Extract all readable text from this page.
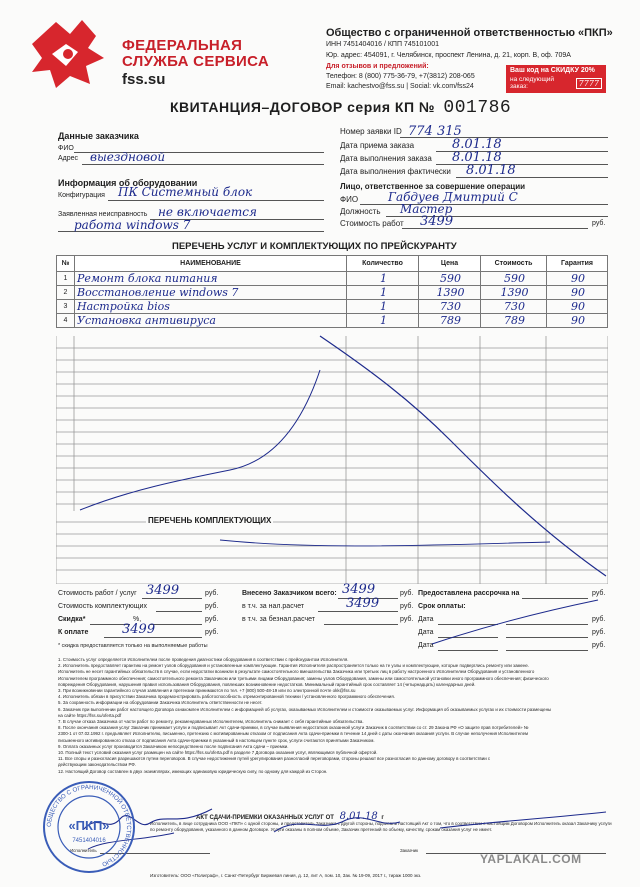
ФЕДЕРАЛЬНАЯ
СЛУЖБА СЕРВИСА
fss.su
Общество с ограниченной ответственностью «ПКП»
ИНН 7451404016 / КПП 745101001
Юр. адрес: 454091, г. Челябинск, проспект Ленина, д. 21, корп. В, оф. 709А
Для отзывов и предложений:
Телефон: 8 (800) 775-36-79, +7(3812) 208-065
Email: kachestvo@fss.su | Social: vk.com/fss24
Ваш код на СКИДКУ 20%
на следующий заказ:	7777
КВИТАНЦИЯ–ДОГОВОР серия КП № 001786
Данные заказчика
ФИО
Адрес выездновой
Информация об оборудовании
Конфигурация ПК Системный блок
Заявленная неисправность не включается
работа windows 7
Номер заявки ID 774 315
Дата приема заказа	8.01.18
Дата выполнения заказа 8.01.18
Дата выполнения фактически 8.01.18
Лицо, ответственное за совершение операции
ФИО Габдуев Дмитрий С
Должность Мастер
Стоимость работ 3499	руб.
ПЕРЕЧЕНЬ УСЛУГ И КОМПЛЕКТУЮЩИХ ПО ПРЕЙСКУРАНТУ
№	НАИМЕНОВАНИЕ	Количество	Цена	Стоимость	Гарантия
1	Ремонт блока питания	1	590	590	90
2	Восстановление windows 7	1	1390	1390	90
3	Настройка bios	1	730	730	90
4	Установка антивируса	1	789	789	90
ПЕРЕЧЕНЬ КОМПЛЕКТУЮЩИХ
Стоимость работ / услуг 3499	руб.
Стоимость комплектующих	руб.
Скидка*	%,	руб.
К оплате	3499	руб.
Внесено Заказчиком всего: 3499	руб.
в т.ч. за нал.расчет	3499	руб.
в т.ч. за безнал.расчет	руб.
Предоставлена рассрочка на	руб.
Срок оплаты:
Дата	руб.
Дата	руб.
Дата	руб.
* скидка предоставляется только на выполняемые работы
1. Стоимость услуг определяется Исполнителем после проведения диагностики оборудования в соответствии с прейскурантом Исполнителя.
2. Исполнитель предоставляет гарантию на ремонт узлов оборудования и установленные комплектующие. Гарантия Исполнителя распространяется только на те узлы и комплектующие, которые подверглись ремонту или замене.
Исполнитель не несет гарантийных обязательств в случае, если недостатки возникли в результате самостоятельного вмешательства Заказчика или третьих лиц в работу настроенного Исполнителем Оборудования и установленного
Исполнителем программного обеспечения; самостоятельного ремонта Заказчиком или третьими лицами Оборудования; замены узлов Оборудования, замены или самостоятельной установки иного программного обеспечения; физического
повреждения Оборудования, нарушения правил использования Оборудования, повлекших возникновение недостатков. Минимальный гарантийный срок составляет 14 (четырнадцать) календарных дней.
3. При возникновении гарантийного случая заявления и претензии принимаются по тел. +7 (800) 500-48-19 или по электронной почте okk@fss.su
4. Исполнитель обязан в присутствии Заказчика продемонстрировать работоспособность отремонтированной техники / установленного программного обеспечения.
5. За сохранность информации на оборудовании Заказчика Исполнитель ответственности не несет.
6. Заказчик при выполнении работ настоящего Договора ознакомлен Исполнителем с информацией об услугах, оказываемых Исполнителем и стоимости оказываемых услуг. Информация об оказываемых услугах и их стоимости размещены
на сайте https://fss.su/oferta.pdf
7. В случае отказа Заказчика от части работ по ремонту, рекомендованных Исполнителем, Исполнитель снимает с себя гарантийные обязательства.
8. После окончания оказания услуг Заказчик принимает услуги и подписывает Акт сдачи-приемки, в случае выявления недостатков оказанной услуги Заказчик в соответствии со ст. 29 Закона РФ «О защите прав потребителей» №
2300-1 от 07.02.1992 г. предъявляет Исполнителю, письменно, претензию с мотивированным отказом от подписания Акта сдачи-приемки в течение 14 дней с даты окончания оказания услуги. В случае неполучения Исполнителем
письменного мотивированного отказа от подписания Акта сдачи-приемки в указанный в настоящем пункте срок, услуги считаются принятыми Заказчиком.
9. Оплата оказанных услуг производится Заказчиком непосредственно после подписания Акта сдачи – приемки.
10. Полный текст условий оказания услуг размещен на сайте https://fss.su/oferta.pdf в разделе 7 Договора оказания услуг, являющимся публичной офертой.
11. Все споры и разногласия разрешаются путем переговоров. В случае недостижения путей урегулирования разногласий переговорами, стороны решают все разногласия по данному договору в соответствии с
действующим законодательством РФ.
12. Настоящий Договор составлен в двух экземплярах, имеющих одинаковую юридическую силу, по одному для каждой из Сторон.
АКТ СДАЧИ-ПРИЕМКИ ОКАЗАННЫХ УСЛУГ ОТ 8.01.18 г
Исполнитель, в лице сотрудника ООО «ПКП» с одной стороны, и представитель Заказчика с другой стороны, подписали настоящий Акт о том, что в соответствии с настоящим Договором Исполнитель оказал Заказчику услуги по ремонту оборудования, указанного в данном Договоре. Услуги оказаны в полном объеме, Заказчик претензий по объему, качеству, срокам оказания услуг не имеет.
Исполнитель	Заказчик
ОБЩЕСТВО С ОГРАНИЧЕННОЙ ОТВЕТСТВЕННОСТЬЮ
«ПКП»
7451404016
Изготовитель: ООО «Полиграф», г. Санкт-Петербург Биржевая линия, д. 12, лит А, пом. 10, Зак. № 19-09, 2017 г., тираж 1000 экз.
YAPLAKAL.COM
